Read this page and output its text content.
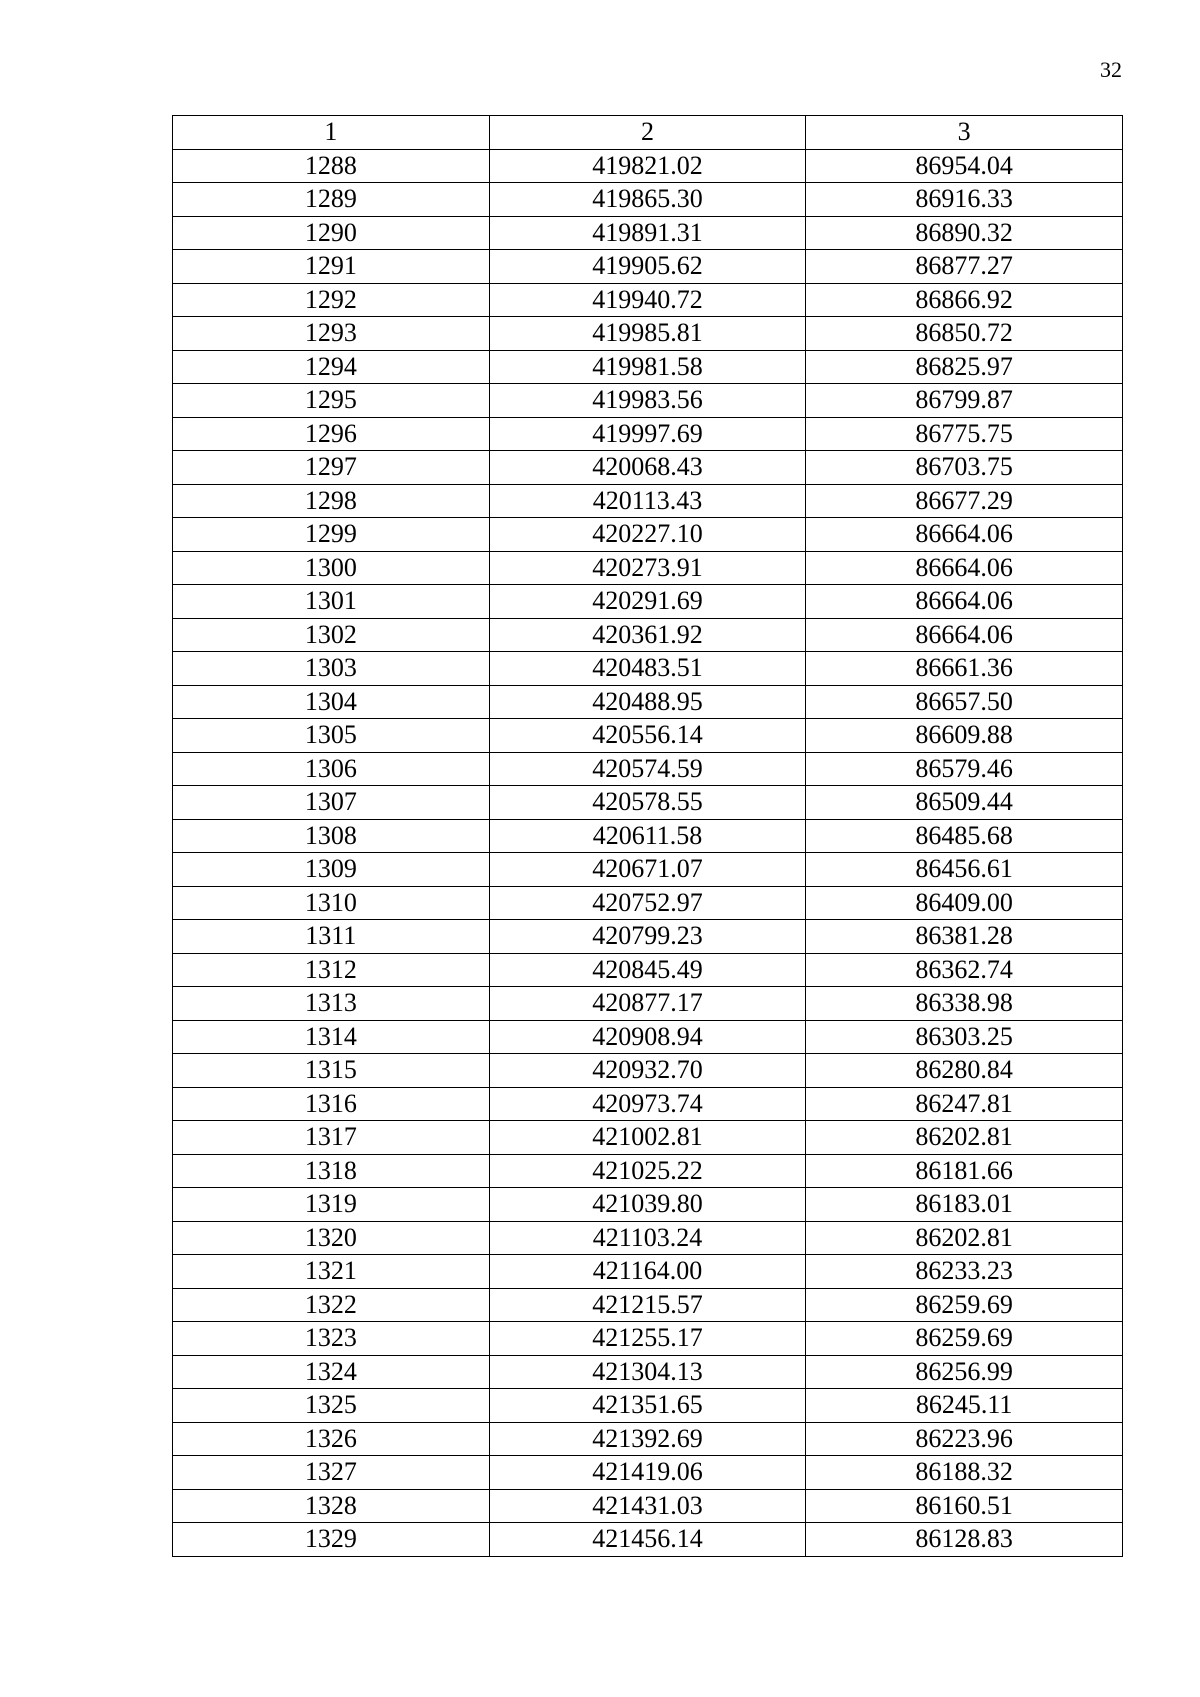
32
1	2	3
1288	419821.02	86954.04
1289	419865.30	86916.33
1290	419891.31	86890.32
1291	419905.62	86877.27
1292	419940.72	86866.92
1293	419985.81	86850.72
1294	419981.58	86825.97
1295	419983.56	86799.87
1296	419997.69	86775.75
1297	420068.43	86703.75
1298	420113.43	86677.29
1299	420227.10	86664.06
1300	420273.91	86664.06
1301	420291.69	86664.06
1302	420361.92	86664.06
1303	420483.51	86661.36
1304	420488.95	86657.50
1305	420556.14	86609.88
1306	420574.59	86579.46
1307	420578.55	86509.44
1308	420611.58	86485.68
1309	420671.07	86456.61
1310	420752.97	86409.00
1311	420799.23	86381.28
1312	420845.49	86362.74
1313	420877.17	86338.98
1314	420908.94	86303.25
1315	420932.70	86280.84
1316	420973.74	86247.81
1317	421002.81	86202.81
1318	421025.22	86181.66
1319	421039.80	86183.01
1320	421103.24	86202.81
1321	421164.00	86233.23
1322	421215.57	86259.69
1323	421255.17	86259.69
1324	421304.13	86256.99
1325	421351.65	86245.11
1326	421392.69	86223.96
1327	421419.06	86188.32
1328	421431.03	86160.51
1329	421456.14	86128.83
